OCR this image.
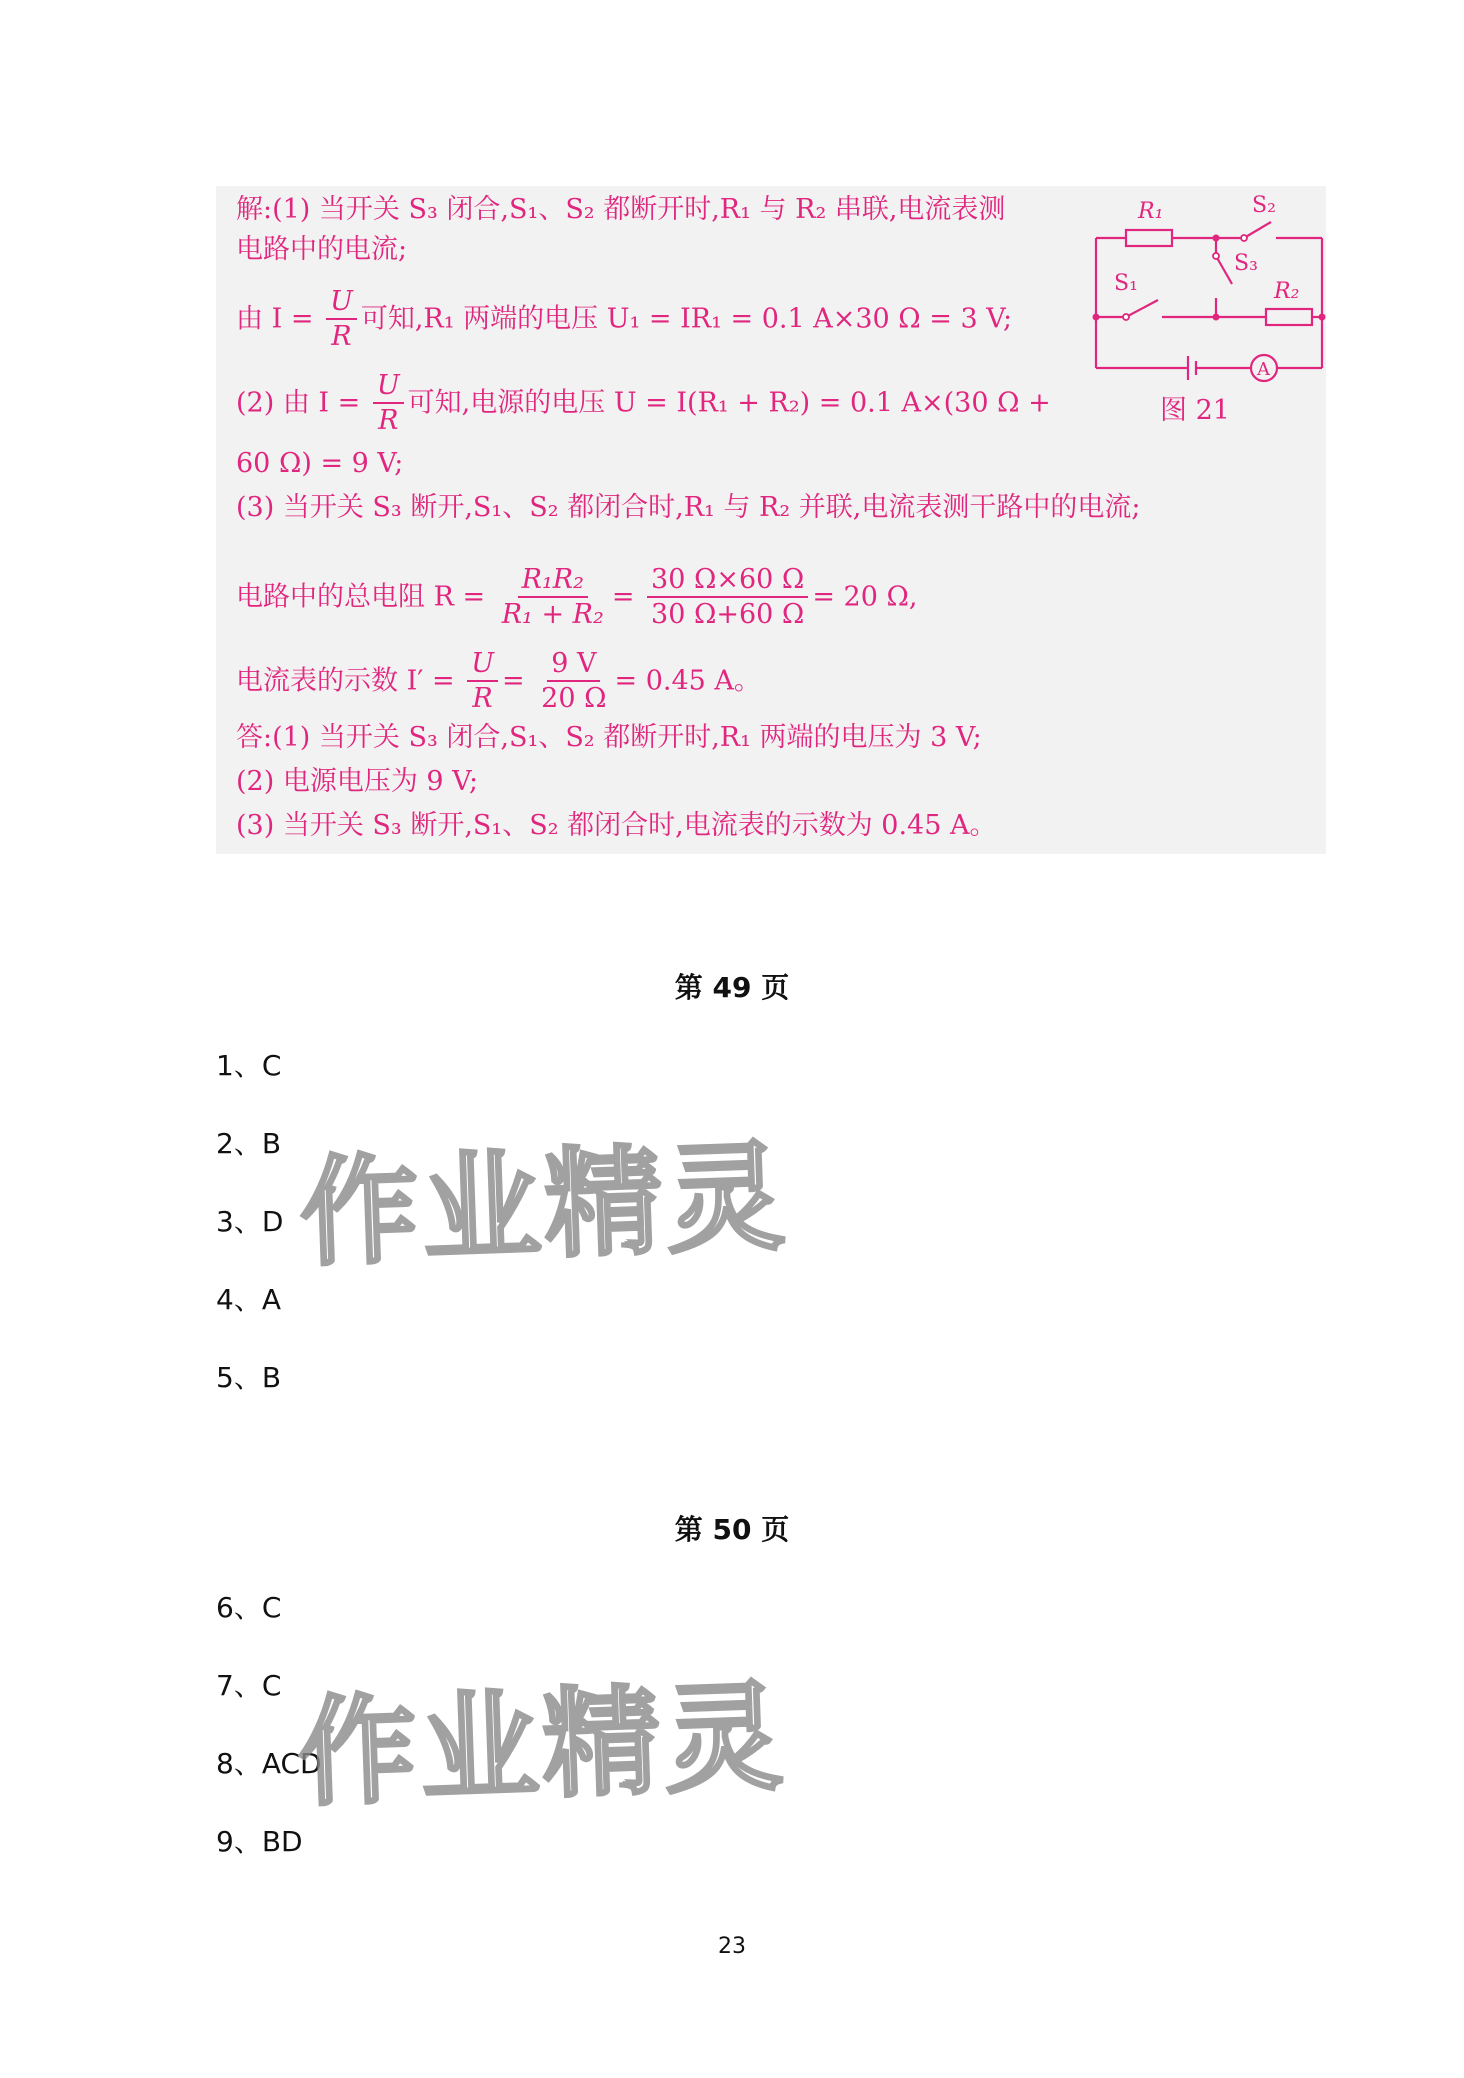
解:(1) 当开关 S₃ 闭合,S₁、S₂ 都断开时,R₁ 与 R₂ 串联,电流表测
电路中的电流;
由 $I = \frac{U}{R}$ 可知,R₁ 两端的电压 U₁ = IR₁ = 0.1 A×30 Ω = 3 V;
(2) 由 $I = \frac{U}{R}$ 可知,电源的电压 U = I(R₁ + R₂) = 0.1 A×(30 Ω +
60 Ω) = 9 V;
(3) 当开关 S₃ 断开,S₁、S₂ 都闭合时,R₁ 与 R₂ 并联,电流表测干路中的电流;
电路中的总电阻 $R = \frac{\text{R₁R₂}}{\text{R₁ + R₂}} = \frac{30 \Omega\times 60 \Omega}{30 \Omega+60 \Omega} = 20$ Ω,
电流表的示数 $I' = \frac{U}{R} = \frac{9 V}{20 \Omega} = 0.45$ A。
答:(1) 当开关 S₃ 闭合,S₁、S₂ 都断开时,R₁ 两端的电压为 3 V;
(2) 电源电压为 9 V;
(3) 当开关 S₃ 断开,S₁、S₂ 都闭合时,电流表的示数为 0.45 A。
R₁	S₂
S₃
S₁	R₂
A
图 21
第 49 页
1、C
2、B
3、D
4、A
5、B
作业精灵
第 50 页
6、C
7、C
8、ACD
9、BD
作业精灵
23
